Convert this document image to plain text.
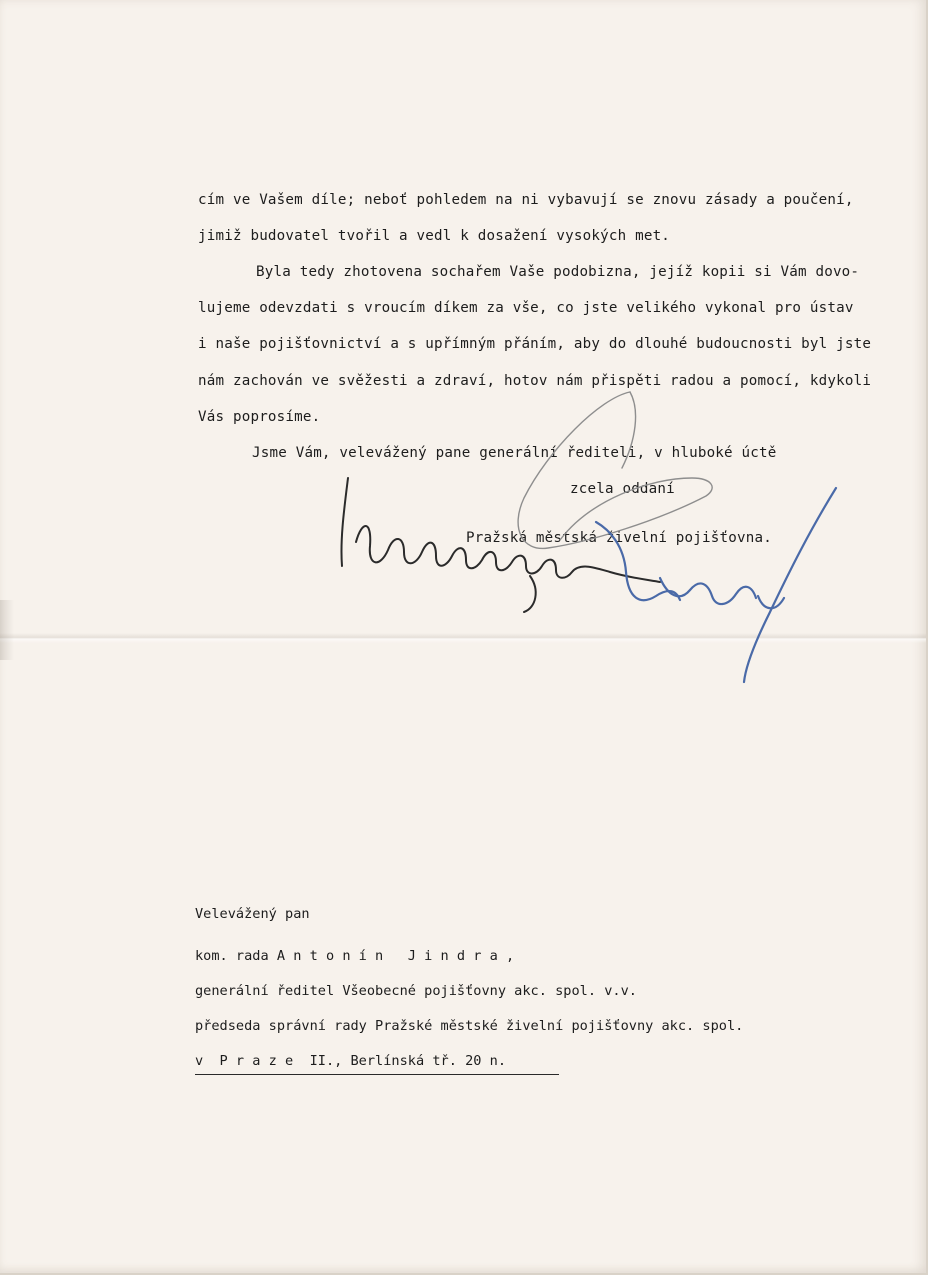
cím ve Vašem díle; neboť pohledem na ni vybavují se znovu zásady a poučení,

jimiž budovatel tvořil a vedl k dosažení vysokých met.

Byla tedy zhotovena sochařem Vaše podobizna, jejíž kopii si Vám dovo-

lujeme odevzdati s vroucím díkem za vše, co jste velikého vykonal pro ústav

i naše pojišťovnictví a s upřímným přáním, aby do dlouhé budoucnosti byl jste

nám zachován ve svěžesti a zdraví, hotov nám přispěti radou a pomocí, kdykoli

Vás poprosíme.

Jsme Vám, velevážený pane generální řediteli, v hluboké úctě

zcela oddaní

Pražská městská živelní pojišťovna.

Velevážený pan

kom. rada A n t o n í n   J i n d r a ,

generální ředitel Všeobecné pojišťovny akc. spol. v.v.

předseda správní rady Pražské městské živelní pojišťovny akc. spol.

v  P r a z e  II., Berlínská tř. 20 n.
